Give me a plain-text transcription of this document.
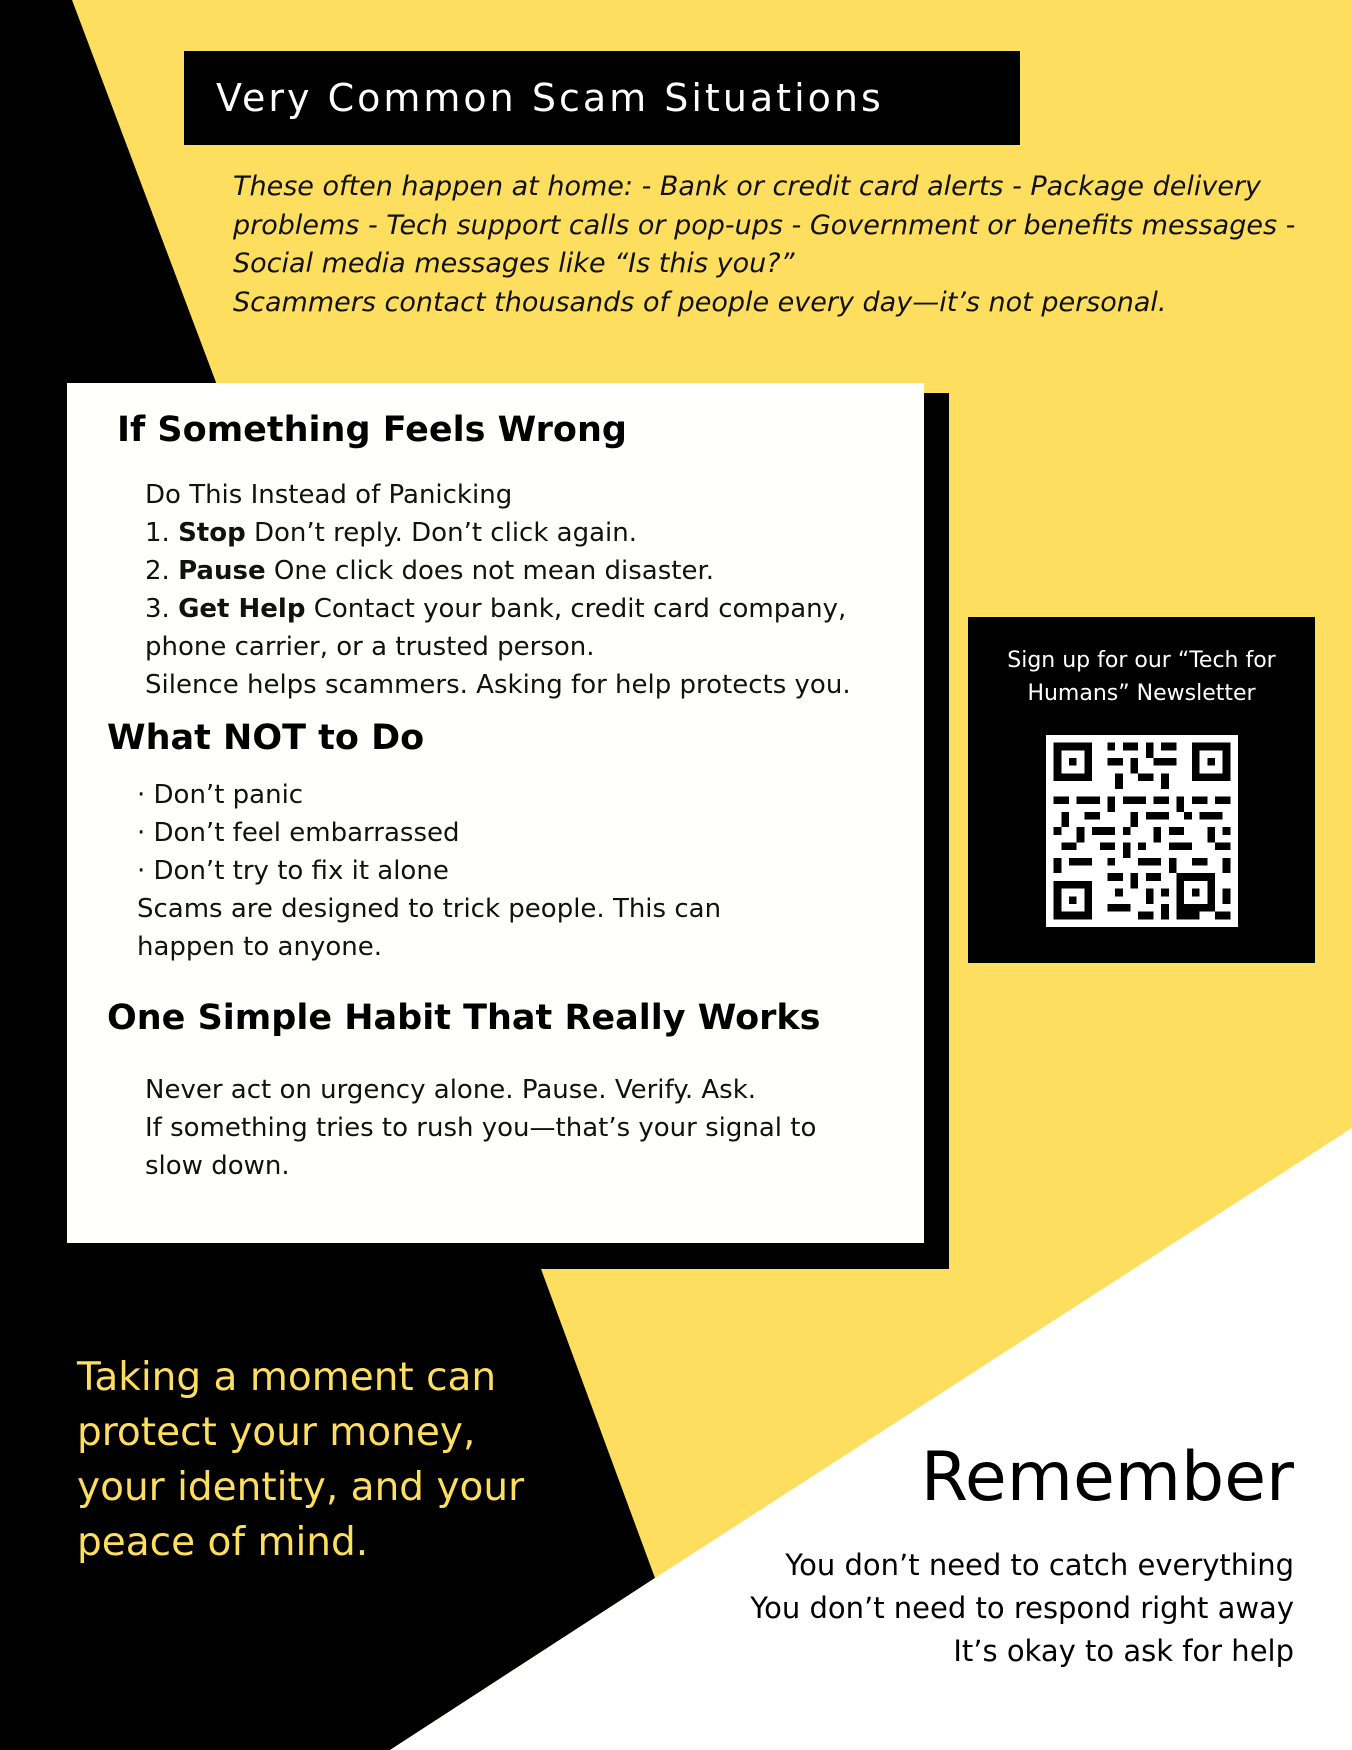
Very Common Scam Situations

These often happen at home: - Bank or credit card alerts - Package delivery

problems - Tech support calls or pop-ups - Government or benefits messages -

Social media messages like “Is this you?”

Scammers contact thousands of people every day—it’s not personal.

If Something Feels Wrong

Do This Instead of Panicking

1. Stop Don’t reply. Don’t click again.

2. Pause One click does not mean disaster.

3. Get Help Contact your bank, credit card company,

phone carrier, or a trusted person.

Silence helps scammers. Asking for help protects you.

What NOT to Do

· Don’t panic

· Don’t feel embarrassed

· Don’t try to fix it alone

Scams are designed to trick people. This can

happen to anyone.

One Simple Habit That Really Works

Never act on urgency alone. Pause. Verify. Ask.

If something tries to rush you—that’s your signal to

slow down.

Sign up for our “Tech for
Humans” Newsletter
Taking a moment can
protect your money,
your identity, and your
peace of mind.
Remember

You don’t need to catch everything

You don’t need to respond right away

It’s okay to ask for help
